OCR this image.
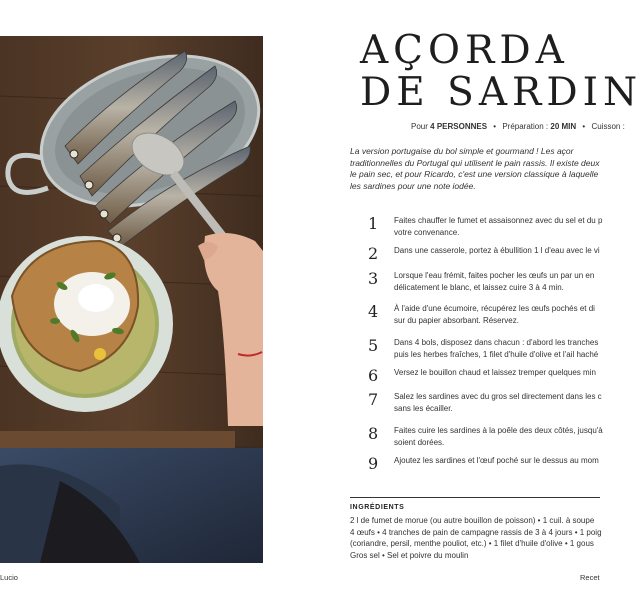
AÇORDA
DE SARDIN
Pour 4 PERSONNES • Préparation : 20 MIN • Cuisson :

La version portugaise du bol simple et gourmand ! Les açor
traditionnelles du Portugal qui utilisent le pain rassis. Il existe deux
le pain sec, et pour Ricardo, c'est une version classique à laquelle
les sardines pour une note iodée.

1 Faites chauffer le fumet et assaisonnez avec du sel et du p
votre convenance.
2 Dans une casserole, portez à ébullition 1 l d'eau avec le vi
3 Lorsque l'eau frémit, faites pocher les œufs un par un en
délicatement le blanc, et laissez cuire 3 à 4 min.
4 À l'aide d'une écumoire, récupérez les œufs pochés et di
sur du papier absorbant. Réservez.
5 Dans 4 bols, disposez dans chacun : d'abord les tranches
puis les herbes fraîches, 1 filet d'huile d'olive et l'ail haché
6 Versez le bouillon chaud et laissez tremper quelques min
7 Salez les sardines avec du gros sel directement dans les c
sans les écailler.
8 Faites cuire les sardines à la poêle des deux côtés, jusqu'à
soient dorées.
9 Ajoutez les sardines et l'œuf poché sur le dessus au mom
INGRÉDIENTS

2 l de fumet de morue (ou autre bouillon de poisson) • 1 cuil. à soupe
4 œufs • 4 tranches de pain de campagne rassis de 3 à 4 jours • 1 poig
(coriandre, persil, menthe pouliot, etc.) • 1 filet d'huile d'olive • 1 gous
Gros sel • Sel et poivre du moulin

Lucio	Recet
